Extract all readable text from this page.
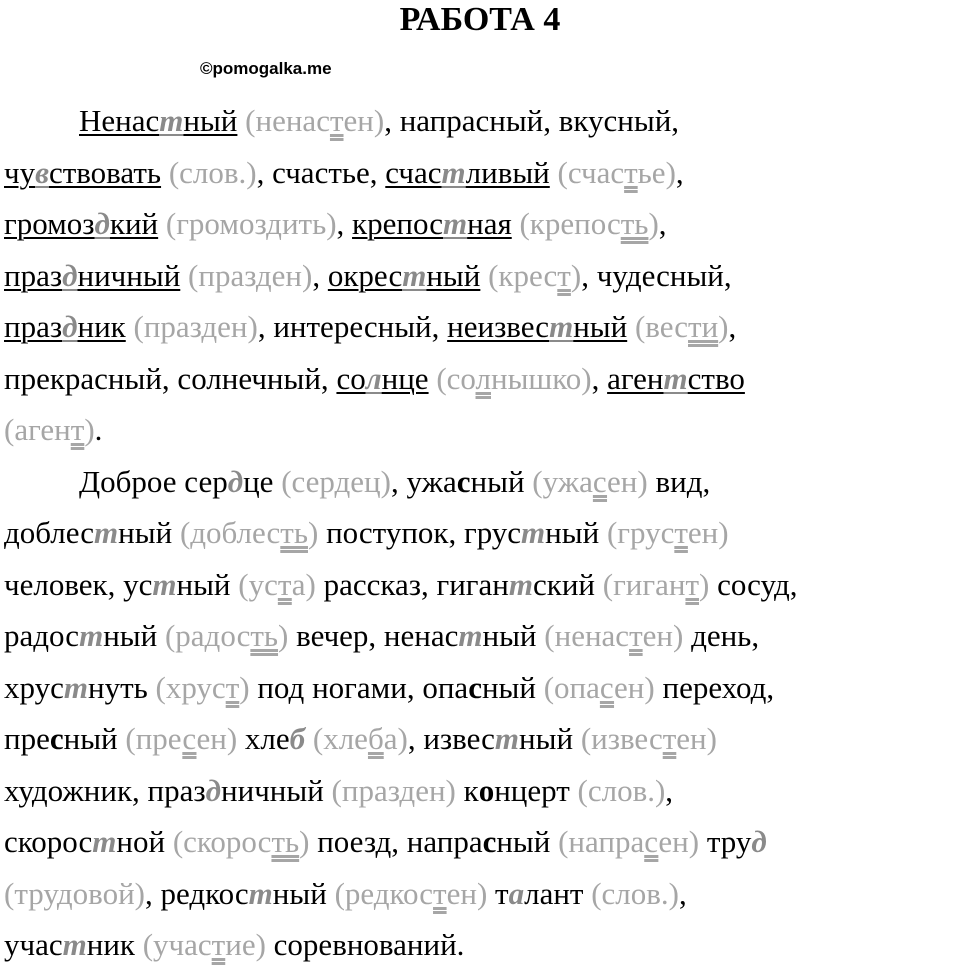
РАБОТА 4
©pomogalka.me
Ненастный (ненастен), напрасный, вкусный,
чувствовать (слов.), счастье, счастливый (счастье),
громоздкий (громоздить), крепостная (крепость),
праздничный (празден), окрестный (крест), чудесный,
праздник (празден), интересный, неизвестный (вести),
прекрасный, солнечный, солнце (солнышко), агентство
(агент).
Доброе сердце (сердец), ужасный (ужасен) вид,
доблестный (доблесть) поступок, грустный (грустен)
человек, устный (уста) рассказ, гигантский (гигант) сосуд,
радостный (радость) вечер, ненастный (ненастен) день,
хрустнуть (хруст) под ногами, опасный (опасен) переход,
пресный (пресен) хлеб (хлеба), известный (известен)
художник, праздничный (празден) концерт (слов.),
скоростной (скорость) поезд, напрасный (напрасен) труд
(трудовой), редкостный (редкостен) талант (слов.),
участник (участие) соревнований.
